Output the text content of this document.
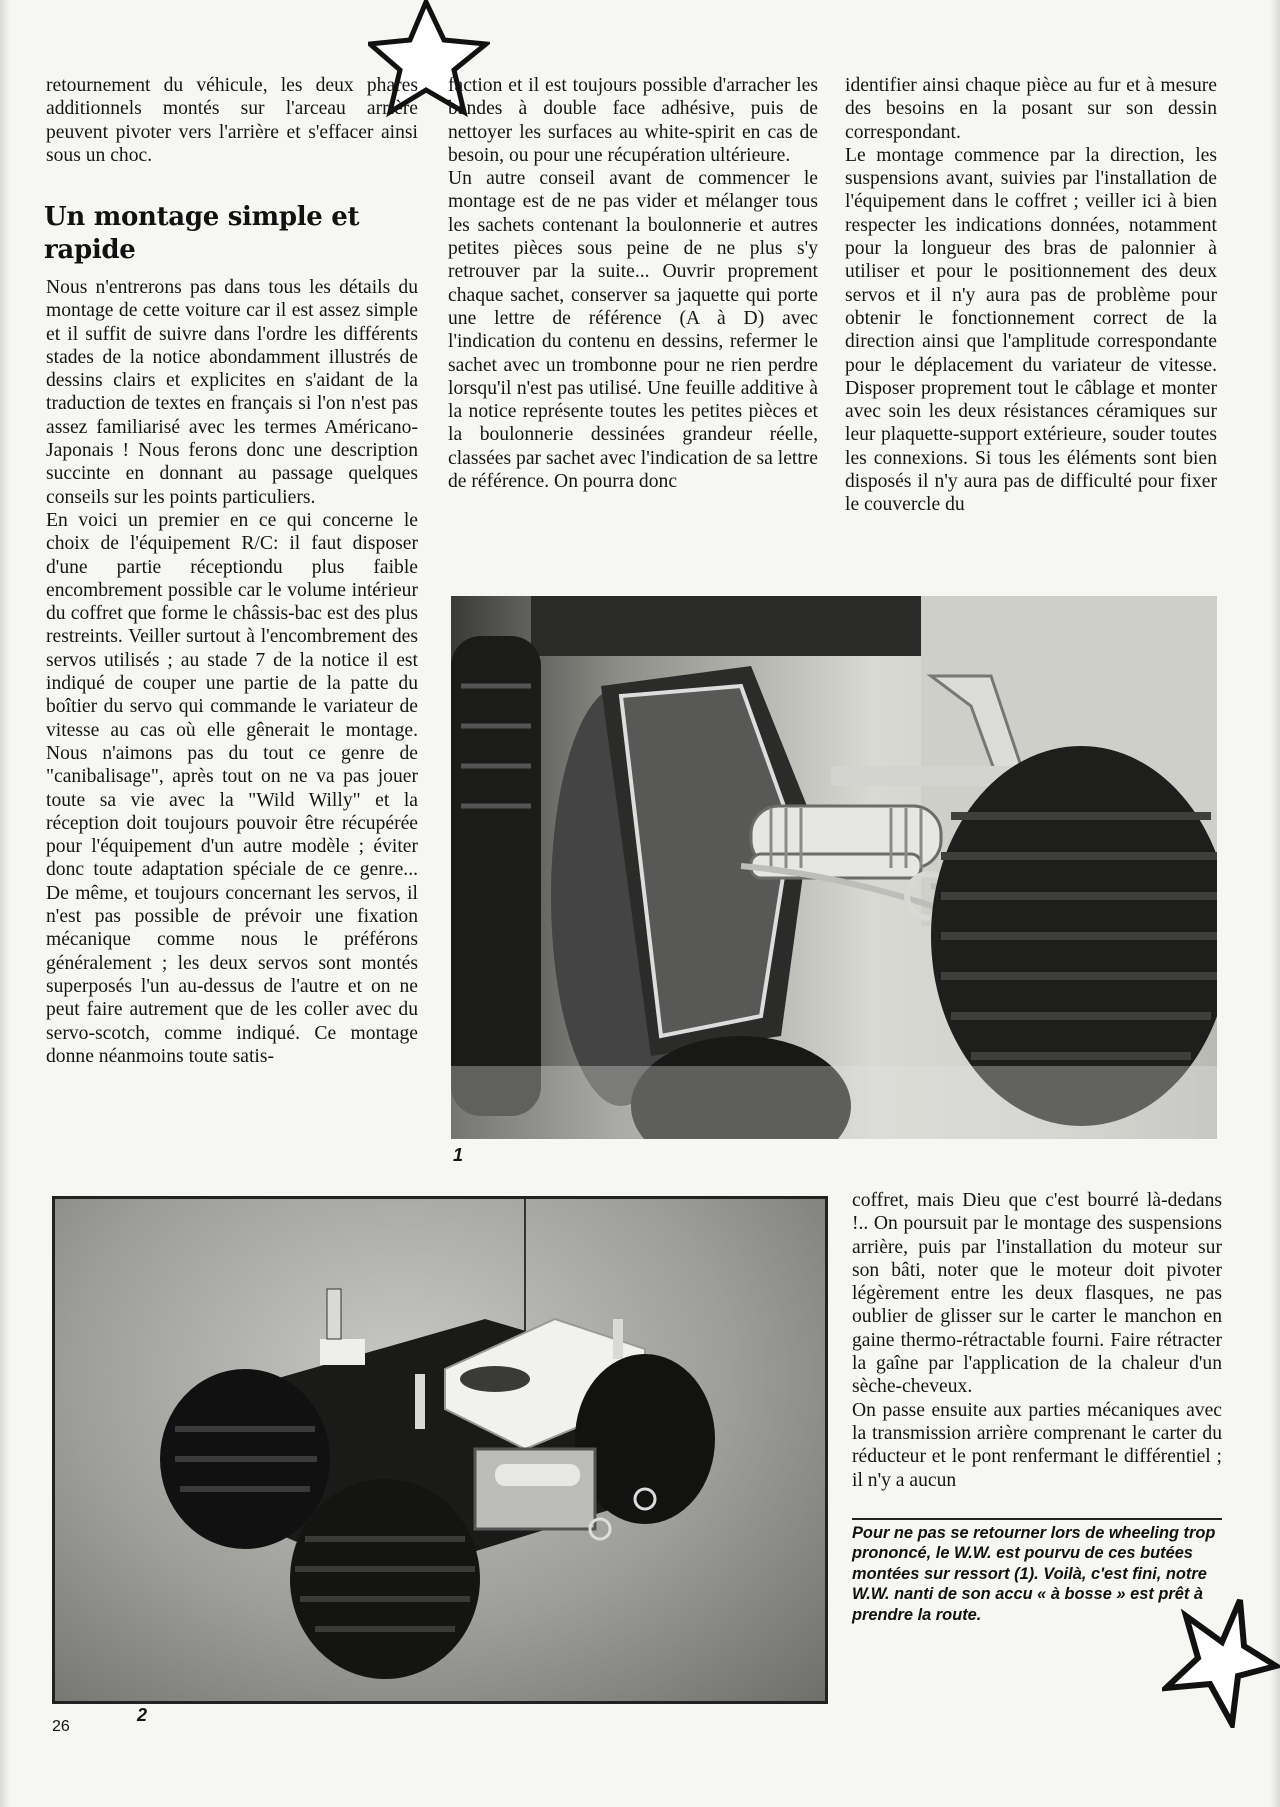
retournement du véhicule, les deux phares additionnels montés sur l'arceau arrière peuvent pivoter vers l'arrière et s'effacer ainsi sous un choc.

Un montage simple et rapide

Nous n'entrerons pas dans tous les détails du montage de cette voiture car il est assez simple et il suffit de suivre dans l'ordre les différents stades de la notice abondamment illustrés de dessins clairs et explicites en s'aidant de la traduction de textes en français si l'on n'est pas assez familiarisé avec les termes Américano-Japonais ! Nous ferons donc une description succinte en donnant au passage quelques conseils sur les points particuliers.

En voici un premier en ce qui concerne le choix de l'équipement R/C: il faut disposer d'une partie réceptiondu plus faible encombrement possible car le volume intérieur du coffret que forme le châssis-bac est des plus restreints. Veiller surtout à l'encombrement des servos utilisés ; au stade 7 de la notice il est indiqué de couper une partie de la patte du boîtier du servo qui commande le variateur de vitesse au cas où elle gênerait le montage. Nous n'aimons pas du tout ce genre de "canibalisage", après tout on ne va pas jouer toute sa vie avec la "Wild Willy" et la réception doit toujours pouvoir être récupérée pour l'équipement d'un autre modèle ; éviter donc toute adaptation spéciale de ce genre... De même, et toujours concernant les servos, il n'est pas possible de prévoir une fixation mécanique comme nous le préférons généralement ; les deux servos sont montés superposés l'un au-dessus de l'autre et on ne peut faire autrement que de les coller avec du servo-scotch, comme indiqué. Ce montage donne néanmoins toute satis-

faction et il est toujours possible d'arracher les bandes à double face adhésive, puis de nettoyer les surfaces au white-spirit en cas de besoin, ou pour une récupération ultérieure.

Un autre conseil avant de commencer le montage est de ne pas vider et mélanger tous les sachets contenant la boulonnerie et autres petites pièces sous peine de ne plus s'y retrouver par la suite... Ouvrir proprement chaque sachet, conserver sa jaquette qui porte une lettre de référence (A à D) avec l'indication du contenu en dessins, refermer le sachet avec un trombonne pour ne rien perdre lorsqu'il n'est pas utilisé. Une feuille additive à la notice représente toutes les petites pièces et la boulonnerie dessinées grandeur réelle, classées par sachet avec l'indication de sa lettre de référence. On pourra donc

identifier ainsi chaque pièce au fur et à mesure des besoins en la posant sur son dessin correspondant.

Le montage commence par la direction, les suspensions avant, suivies par l'installation de l'équipement dans le coffret ; veiller ici à bien respecter les indications données, notamment pour la longueur des bras de palonnier à utiliser et pour le positionnement des deux servos et il n'y aura pas de problème pour obtenir le fonctionnement correct de la direction ainsi que l'amplitude correspondante pour le déplacement du variateur de vitesse. Disposer proprement tout le câblage et monter avec soin les deux résistances céramiques sur leur plaquette-support extérieure, souder toutes les connexions. Si tous les éléments sont bien disposés il n'y aura pas de difficulté pour fixer le couvercle du

1

coffret, mais Dieu que c'est bourré là-dedans !.. On poursuit par le montage des suspensions arrière, puis par l'installation du moteur sur son bâti, noter que le moteur doit pivoter légèrement entre les deux flasques, ne pas oublier de glisser sur le carter le manchon en gaine thermo-rétractable fourni. Faire rétracter la gaîne par l'application de la chaleur d'un sèche-cheveux.

On passe ensuite aux parties mécaniques avec la transmission arrière comprenant le carter du réducteur et le pont renfermant le différentiel ; il n'y a aucun

2
Pour ne pas se retourner lors de wheeling trop prononcé, le W.W. est pourvu de ces butées montées sur ressort (1). Voilà, c'est fini, notre W.W. nanti de son accu « à bosse » est prêt à prendre la route.
26
